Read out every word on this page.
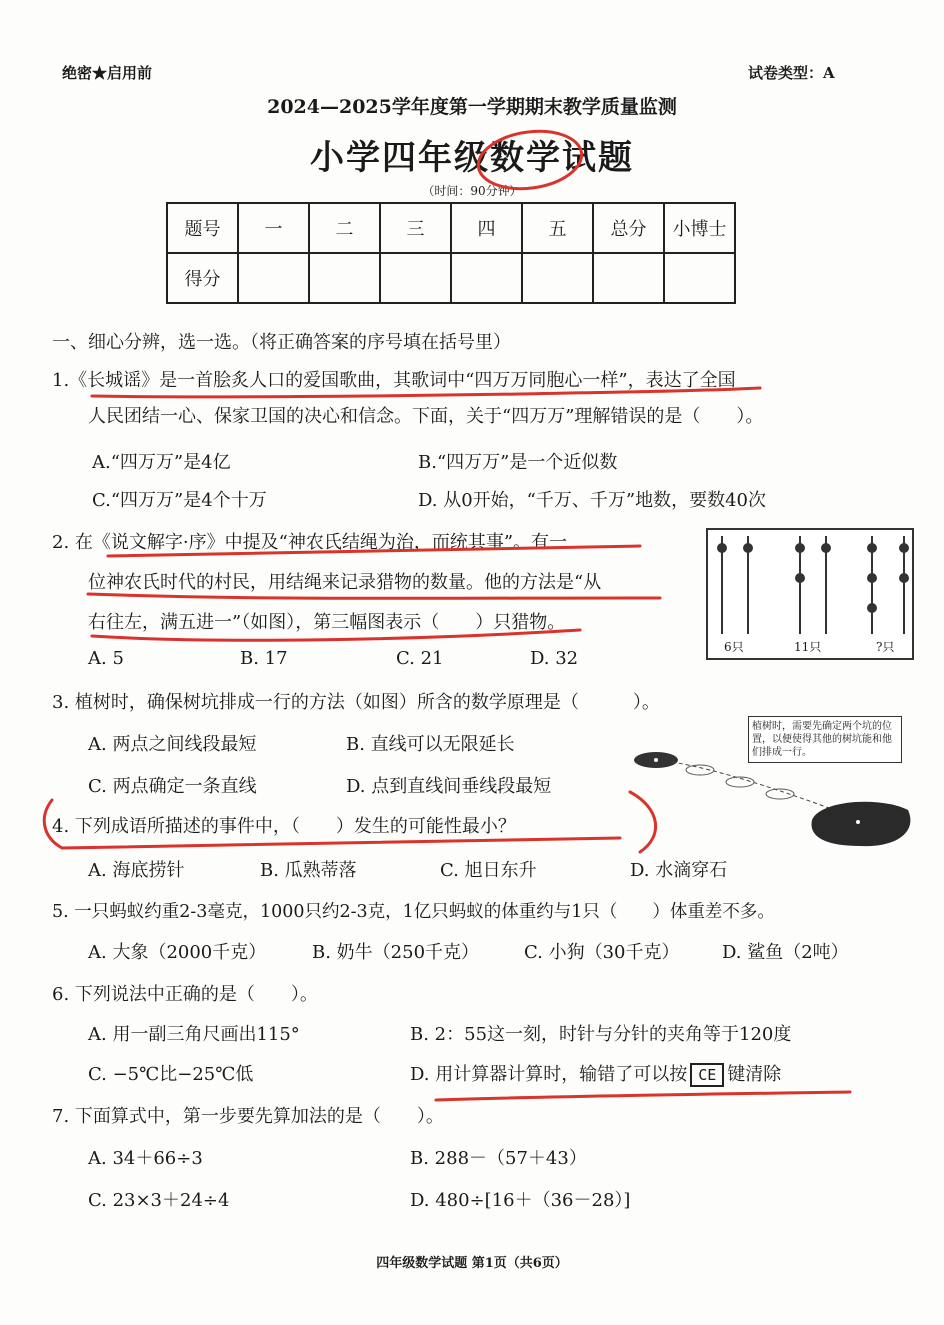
绝密★启用前	试卷类型：A
2024—2025学年度第一学期期末教学质量监测
小学四年级数学试题
（时间：90分钟）
题号	一	二	三	四	五	总分	小博士
得分							
一、细心分辨，选一选。（将正确答案的序号填在括号里）
1.《长城谣》是一首脍炙人口的爱国歌曲，其歌词中“四万万同胞心一样”，表达了全国
人民团结一心、保家卫国的决心和信念。下面，关于“四万万”理解错误的是（　　）。
A.“四万万”是4亿	B.“四万万”是一个近似数
C.“四万万”是4个十万	D. 从0开始，“千万、千万”地数，要数40次
2. 在《说文解字·序》中提及“神农氏结绳为治，而统其事”。有一
位神农氏时代的村民，用结绳来记录猎物的数量。他的方法是“从
右往左，满五进一”（如图），第三幅图表示（　　）只猎物。
A. 5	B. 17	C. 21	D. 32
6只	11只	?只
3. 植树时，确保树坑排成一行的方法（如图）所含的数学原理是（　　　）。
A. 两点之间线段最短	B. 直线可以无限延长
C. 两点确定一条直线	D. 点到直线间垂线段最短
植树时，需要先确定两个坑的位置，以便使得其他的树坑能和他们排成一行。
4. 下列成语所描述的事件中，（　　）发生的可能性最小？
A. 海底捞针	B. 瓜熟蒂落	C. 旭日东升	D. 水滴穿石
5. 一只蚂蚁约重2-3毫克，1000只约2-3克，1亿只蚂蚁的体重约与1只（　　）体重差不多。
A. 大象（2000千克）	B. 奶牛（250千克） C. 小狗（30千克） D. 鲨鱼（2吨）
6. 下列说法中正确的是（　　）。
A. 用一副三角尺画出115°	B. 2：55这一刻，时针与分针的夹角等于120度
C. −5℃比−25℃低	D. 用计算器计算时，输错了可以按 CE 键清除
7. 下面算式中，第一步要先算加法的是（　　）。
A. 34＋66÷3	B. 288－（57＋43）
C. 23×3＋24÷4	D. 480÷[16＋（36－28）]
四年级数学试题 第1页（共6页）
